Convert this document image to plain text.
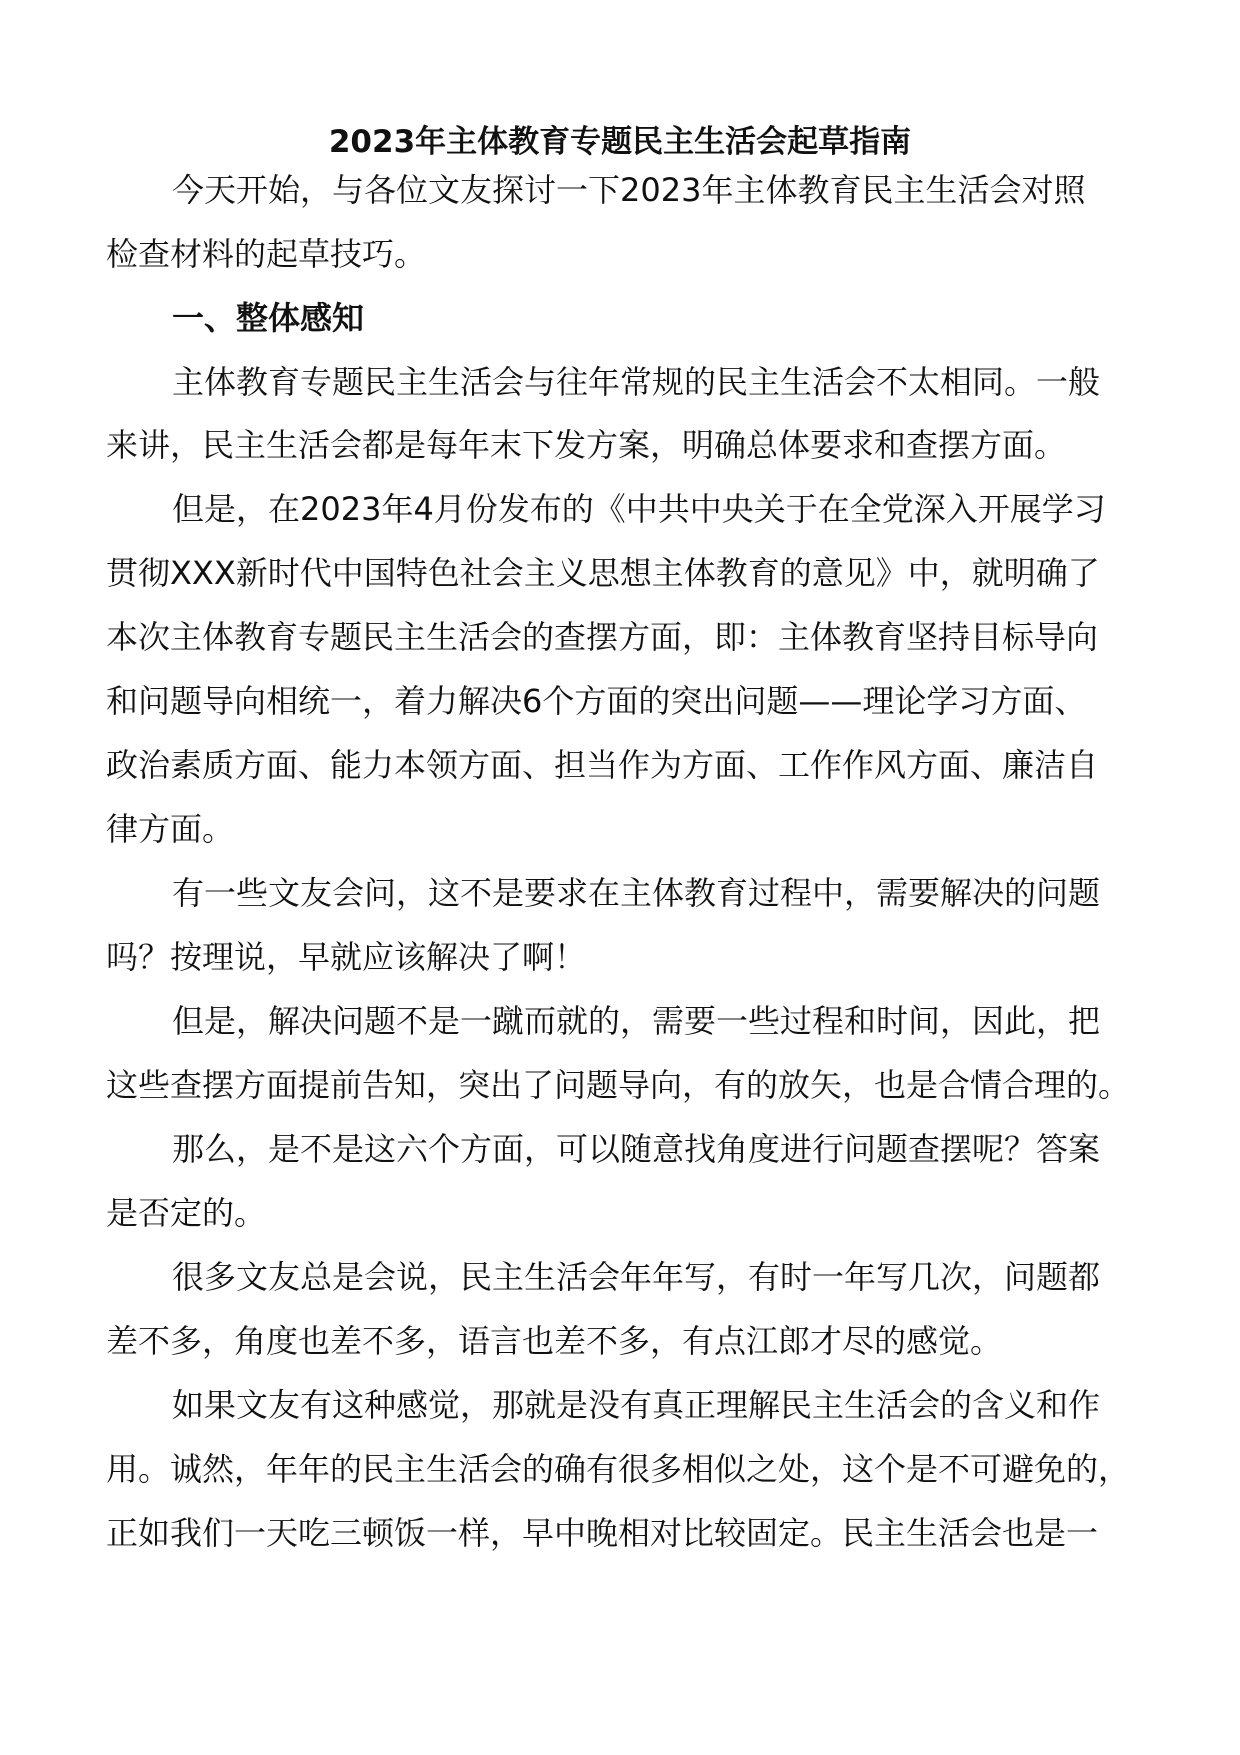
2023年主体教育专题民主生活会起草指南
今天开始，与各位文友探讨一下2023年主体教育民主生活会对照
检查材料的起草技巧。
一、整体感知
主体教育专题民主生活会与往年常规的民主生活会不太相同。一般
来讲，民主生活会都是每年末下发方案，明确总体要求和查摆方面。
但是，在2023年4月份发布的《中共中央关于在全党深入开展学习
贯彻XXX新时代中国特色社会主义思想主体教育的意见》中，就明确了
本次主体教育专题民主生活会的查摆方面，即：主体教育坚持目标导向
和问题导向相统一，着力解决6个方面的突出问题——理论学习方面、
政治素质方面、能力本领方面、担当作为方面、工作作风方面、廉洁自
律方面。
有一些文友会问，这不是要求在主体教育过程中，需要解决的问题
吗？按理说，早就应该解决了啊！
但是，解决问题不是一蹴而就的，需要一些过程和时间，因此，把
这些查摆方面提前告知，突出了问题导向，有的放矢，也是合情合理的。
那么，是不是这六个方面，可以随意找角度进行问题查摆呢？答案
是否定的。
很多文友总是会说，民主生活会年年写，有时一年写几次，问题都
差不多，角度也差不多，语言也差不多，有点江郎才尽的感觉。
如果文友有这种感觉，那就是没有真正理解民主生活会的含义和作
用。诚然，年年的民主生活会的确有很多相似之处，这个是不可避免的，
正如我们一天吃三顿饭一样，早中晚相对比较固定。民主生活会也是一
